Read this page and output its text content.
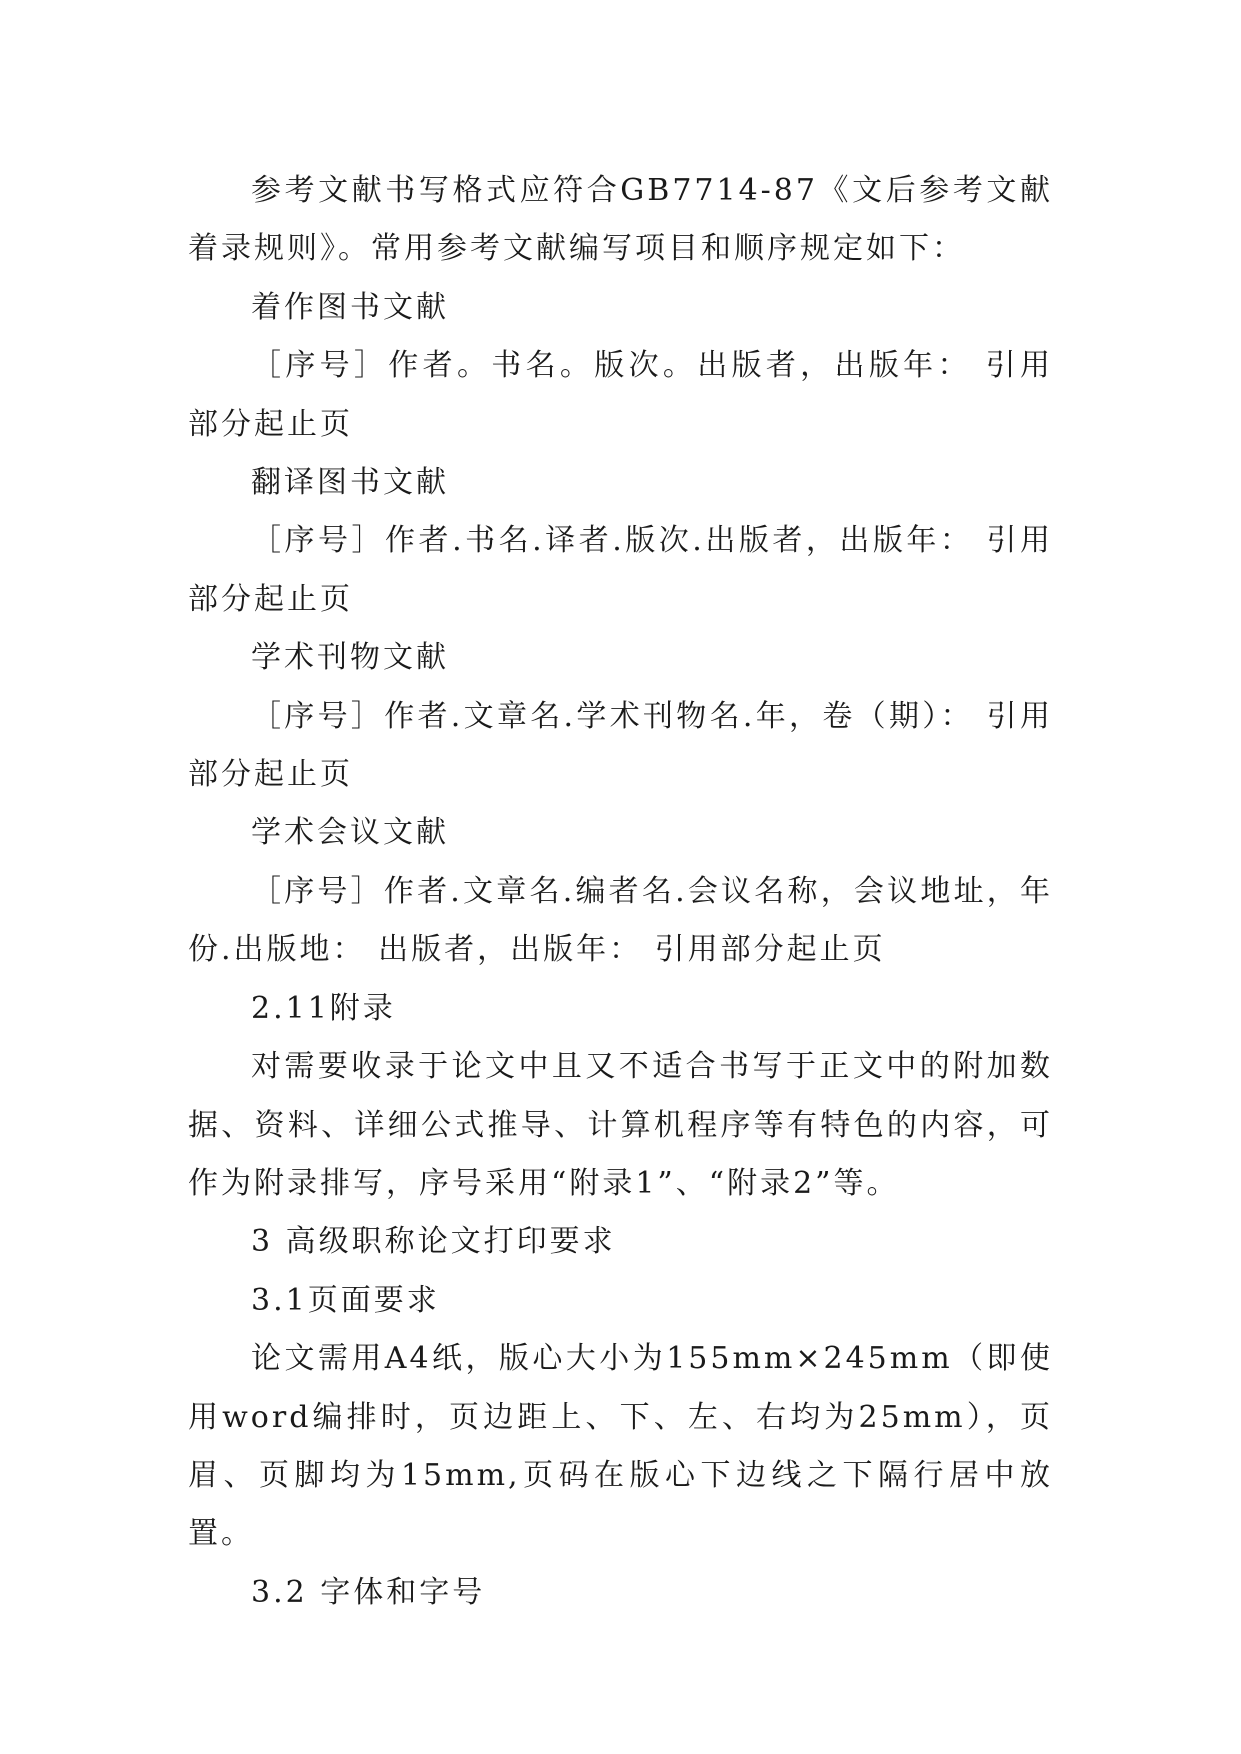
参考文献书写格式应符合GB7714-87《文后参考文献着录规则》。常用参考文献编写项目和顺序规定如下：

着作图书文献

［序号］作者。书名。版次。出版者，出版年： 引用部分起止页

翻译图书文献

［序号］作者.书名.译者.版次.出版者，出版年： 引用部分起止页

学术刊物文献

［序号］作者.文章名.学术刊物名.年，卷（期）： 引用部分起止页

学术会议文献

［序号］作者.文章名.编者名.会议名称，会议地址，年份.出版地： 出版者，出版年： 引用部分起止页

2.11附录

对需要收录于论文中且又不适合书写于正文中的附加数据、资料、详细公式推导、计算机程序等有特色的内容，可作为附录排写，序号采用“附录1”、“附录2”等。

3 高级职称论文打印要求

3.1页面要求

论文需用A4纸，版心大小为155mm×245mm（即使用word编排时，页边距上、下、左、右均为25mm），页眉、页脚均为15mm,页码在版心下边线之下隔行居中放置。

3.2 字体和字号
